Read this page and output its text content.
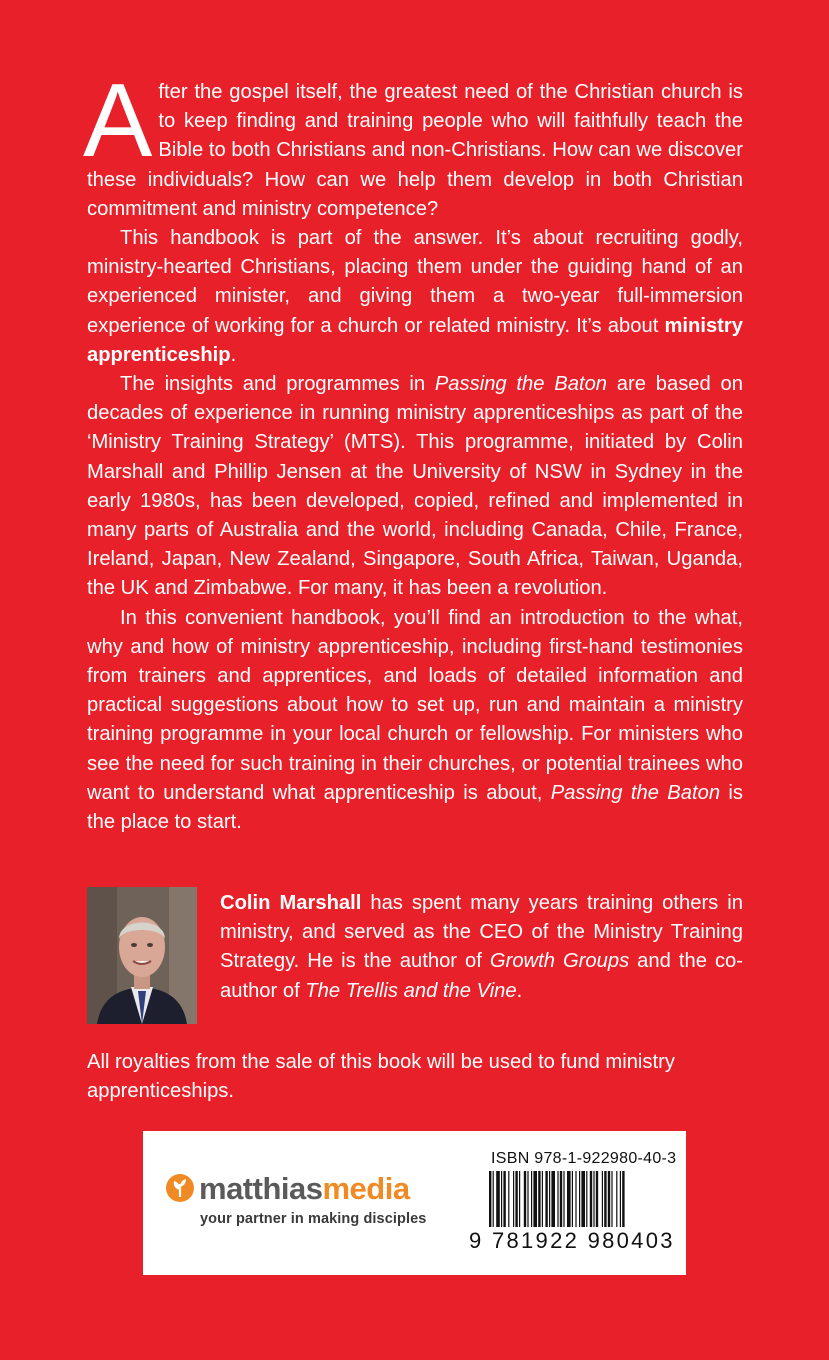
After the gospel itself, the greatest need of the Christian church is to keep finding and training people who will faithfully teach the Bible to both Christians and non-Christians. How can we discover these individuals? How can we help them develop in both Christian commitment and ministry competence?

This handbook is part of the answer. It’s about recruiting godly, ministry-hearted Christians, placing them under the guiding hand of an experienced minister, and giving them a two-year full-immersion experience of working for a church or related ministry. It’s about ministry apprenticeship.

The insights and programmes in Passing the Baton are based on decades of experience in running ministry apprenticeships as part of the ‘Ministry Training Strategy’ (MTS). This programme, initiated by Colin Marshall and Phillip Jensen at the University of NSW in Sydney in the early 1980s, has been developed, copied, refined and implemented in many parts of Australia and the world, including Canada, Chile, France, Ireland, Japan, New Zealand, Singapore, South Africa, Taiwan, Uganda, the UK and Zimbabwe. For many, it has been a revolution.

In this convenient handbook, you’ll find an introduction to the what, why and how of ministry apprenticeship, including first-hand testimonies from trainers and apprentices, and loads of detailed information and practical suggestions about how to set up, run and maintain a ministry training programme in your local church or fellowship. For ministers who see the need for such training in their churches, or potential trainees who want to understand what apprenticeship is about, Passing the Baton is the place to start.

Colin Marshall has spent many years training others in ministry, and served as the CEO of the Ministry Training Strategy. He is the author of Growth Groups and the co-author of The Trellis and the Vine.
All royalties from the sale of this book will be used to fund ministry apprenticeships.
matthiasmedia
your partner in making disciples
ISBN 978-1-922980-40-3
9 781922 980403
